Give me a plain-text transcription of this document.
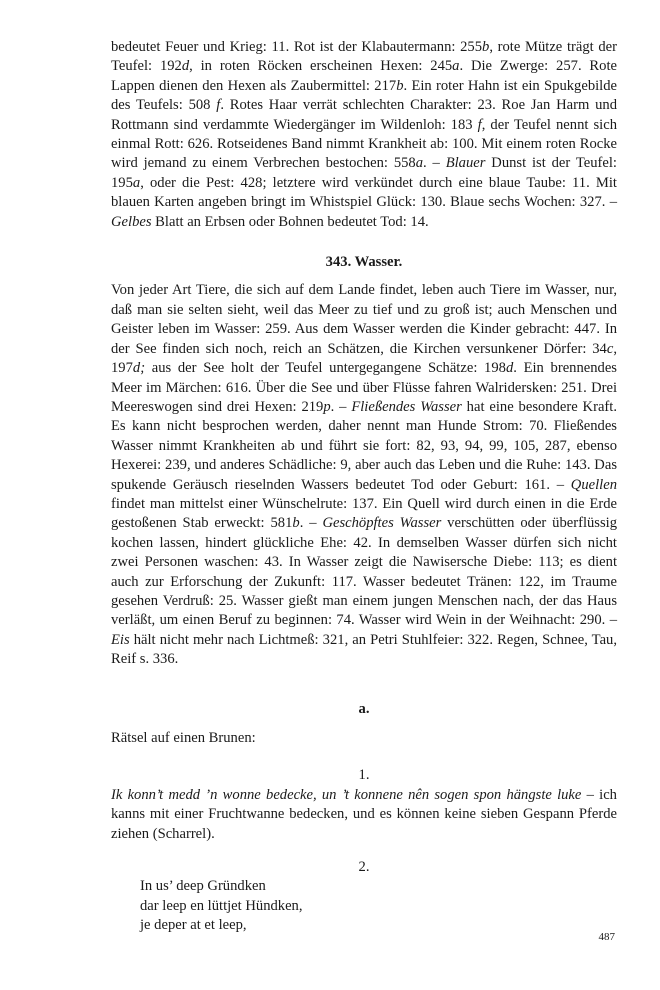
bedeutet Feuer und Krieg: 11. Rot ist der Klabautermann: 255b, rote Mütze trägt der Teufel: 192d, in roten Röcken erscheinen Hexen: 245a. Die Zwerge: 257. Rote Lappen dienen den Hexen als Zaubermittel: 217b. Ein roter Hahn ist ein Spukgebilde des Teufels: 508 f. Rotes Haar verrät schlechten Charakter: 23. Roe Jan Harm und Rottmann sind verdammte Wiedergänger im Wildenloh: 183 f, der Teufel nennt sich einmal Rott: 626. Rotseidenes Band nimmt Krankheit ab: 100. Mit einem roten Rocke wird jemand zu einem Verbrechen bestochen: 558a. – Blauer Dunst ist der Teufel: 195a, oder die Pest: 428; letztere wird verkündet durch eine blaue Taube: 11. Mit blauen Karten angeben bringt im Whistspiel Glück: 130. Blaue sechs Wochen: 327. – Gelbes Blatt an Erbsen oder Bohnen bedeutet Tod: 14.

343. Wasser.

Von jeder Art Tiere, die sich auf dem Lande findet, leben auch Tiere im Wasser, nur, daß man sie selten sieht, weil das Meer zu tief und zu groß ist; auch Menschen und Geister leben im Wasser: 259. Aus dem Wasser werden die Kinder gebracht: 447. In der See finden sich noch, reich an Schätzen, die Kirchen versunkener Dörfer: 34c, 197d; aus der See holt der Teufel untergegangene Schätze: 198d. Ein brennendes Meer im Märchen: 616. Über die See und über Flüsse fahren Walridersken: 251. Drei Meereswogen sind drei Hexen: 219p. – Fließendes Wasser hat eine besondere Kraft. Es kann nicht besprochen werden, daher nennt man Hunde Strom: 70. Fließendes Wasser nimmt Krankheiten ab und führt sie fort: 82, 93, 94, 99, 105, 287, ebenso Hexerei: 239, und anderes Schädliche: 9, aber auch das Leben und die Ruhe: 143. Das spukende Geräusch rieselnden Wassers bedeutet Tod oder Geburt: 161. – Quellen findet man mittelst einer Wünschelrute: 137. Ein Quell wird durch einen in die Erde gestoßenen Stab erweckt: 581b. – Geschöpftes Wasser verschütten oder überflüssig kochen lassen, hindert glückliche Ehe: 42. In demselben Wasser dürfen sich nicht zwei Personen waschen: 43. In Wasser zeigt die Nawisersche Diebe: 113; es dient auch zur Erforschung der Zukunft: 117. Wasser bedeutet Tränen: 122, im Traume gesehen Verdruß: 25. Wasser gießt man einem jungen Menschen nach, der das Haus verläßt, um einen Beruf zu beginnen: 74. Wasser wird Wein in der Weihnacht: 290. – Eis hält nicht mehr nach Lichtmeß: 321, an Petri Stuhlfeier: 322. Regen, Schnee, Tau, Reif s. 336.

a.

Rätsel auf einen Brunen:

1.

Ik konn’t medd ’n wonne bedecke, un ’t konnene nên sogen spon hängste luke – ich kanns mit einer Fruchtwanne bedecken, und es können keine sieben Gespann Pferde ziehen (Scharrel).

2.
In us’ deep Gründken
dar leep en lüttjet Hündken,
je deper at et leep,
487
